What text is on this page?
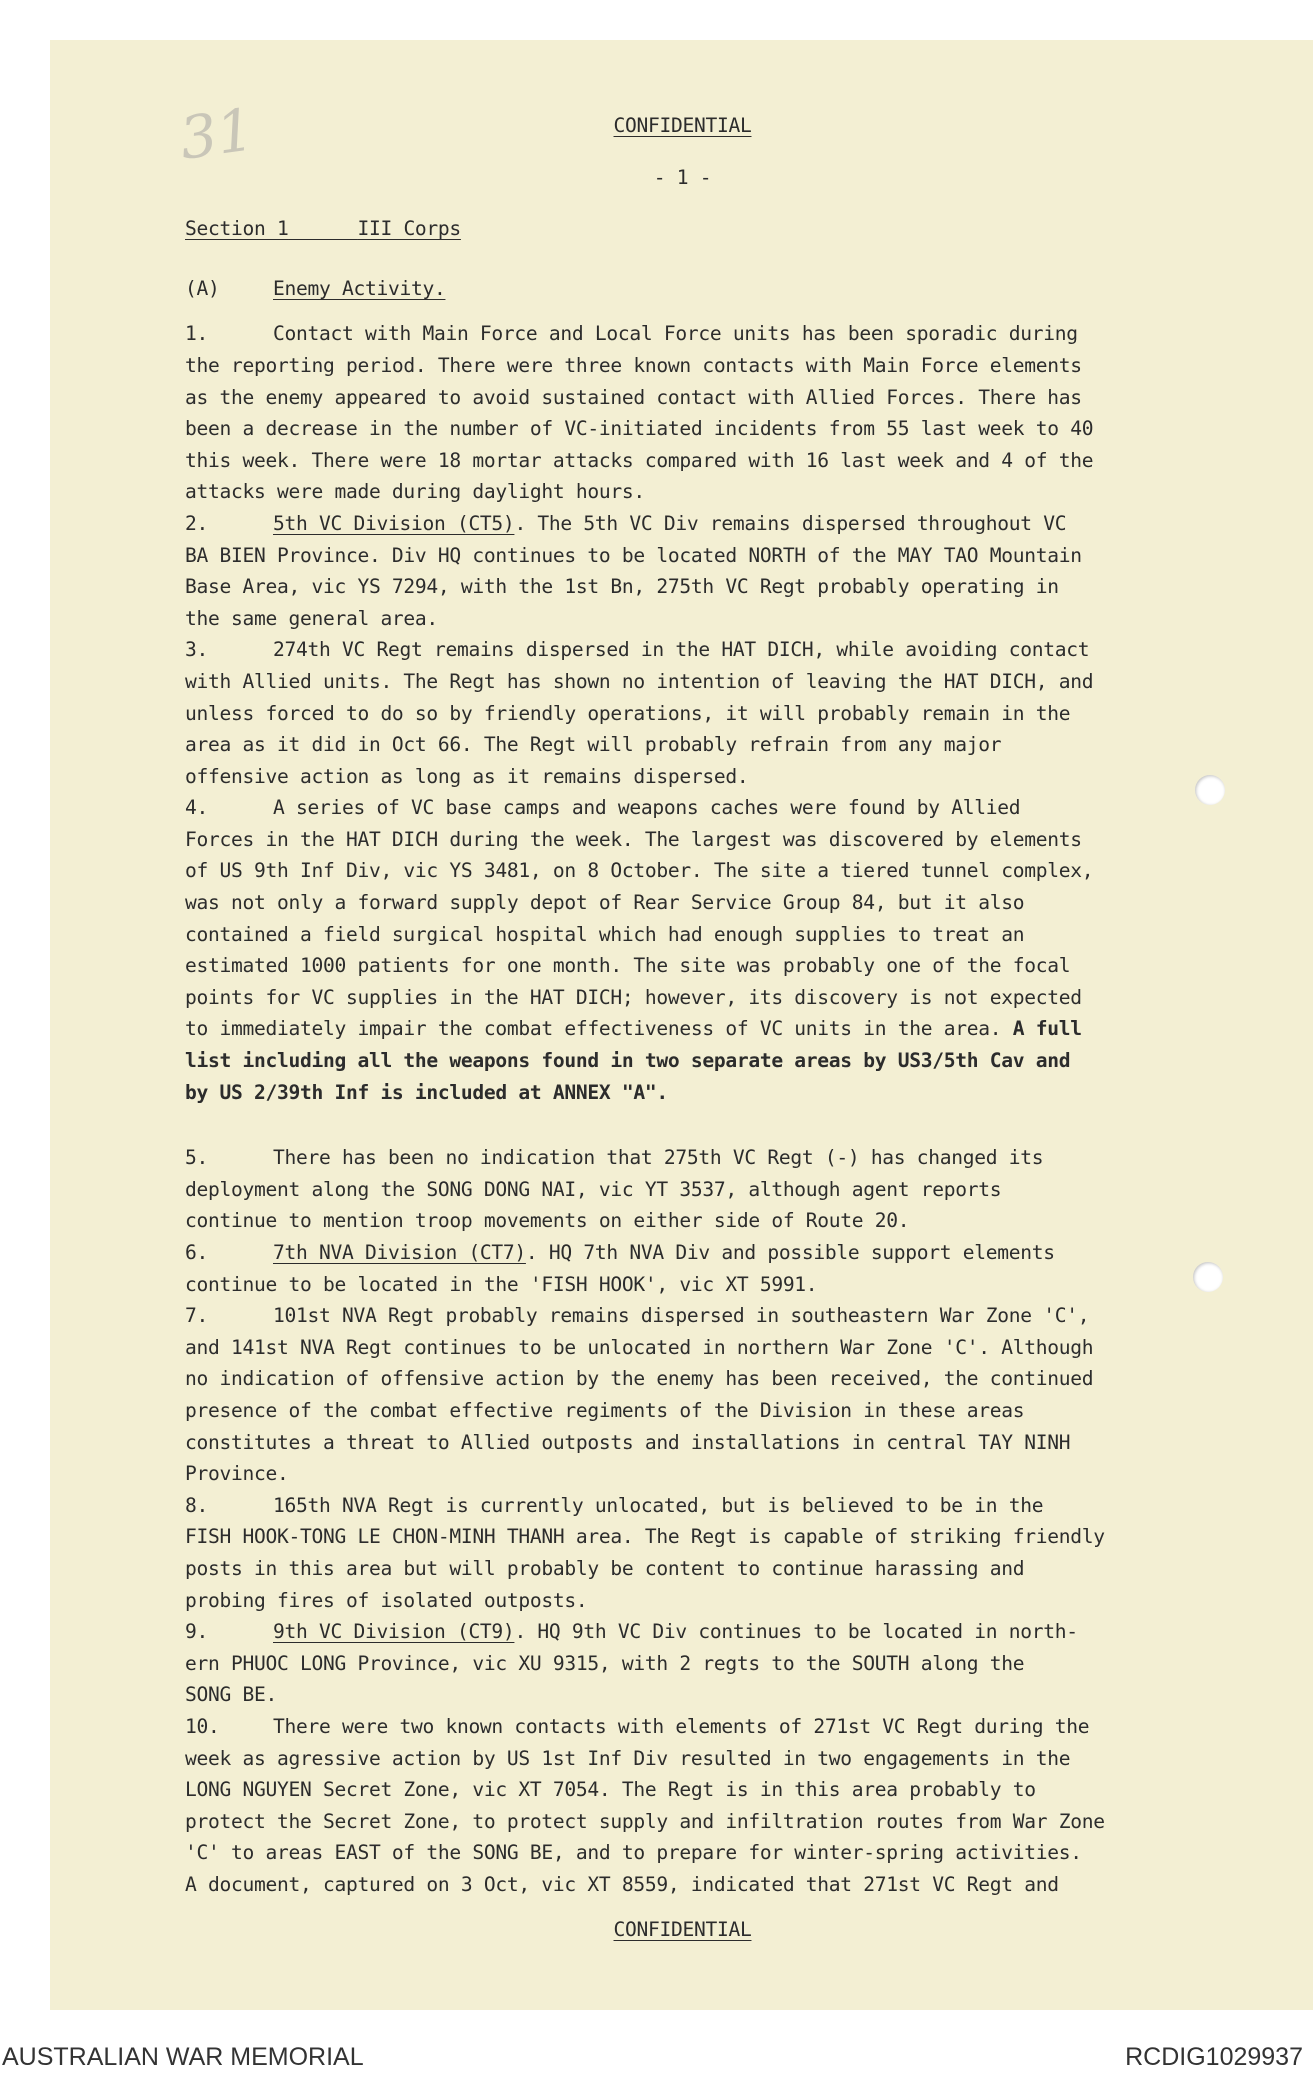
31	CONFIDENTIAL
- 1 -
Section 1	III Corps
(A)	Enemy Activity.
1.	Contact with Main Force and Local Force units has been sporadic during
the reporting period. There were three known contacts with Main Force elements
as the enemy appeared to avoid sustained contact with Allied Forces. There has
been a decrease in the number of VC-initiated incidents from 55 last week to 40
this week. There were 18 mortar attacks compared with 16 last week and 4 of the
attacks were made during daylight hours.
2.	5th VC Division (CT5). The 5th VC Div remains dispersed throughout VC
BA BIEN Province. Div HQ continues to be located NORTH of the MAY TAO Mountain
Base Area, vic YS 7294, with the 1st Bn, 275th VC Regt probably operating in
the same general area.
3.	274th VC Regt remains dispersed in the HAT DICH, while avoiding contact
with Allied units. The Regt has shown no intention of leaving the HAT DICH, and
unless forced to do so by friendly operations, it will probably remain in the
area as it did in Oct 66. The Regt will probably refrain from any major
offensive action as long as it remains dispersed.
4.	A series of VC base camps and weapons caches were found by Allied
Forces in the HAT DICH during the week. The largest was discovered by elements
of US 9th Inf Div, vic YS 3481, on 8 October. The site a tiered tunnel complex,
was not only a forward supply depot of Rear Service Group 84, but it also
contained a field surgical hospital which had enough supplies to treat an
estimated 1000 patients for one month. The site was probably one of the focal
points for VC supplies in the HAT DICH; however, its discovery is not expected
to immediately impair the combat effectiveness of VC units in the area. A full
list including all the weapons found in two separate areas by US3/5th Cav and
by US 2/39th Inf is included at ANNEX "A".
5.	There has been no indication that 275th VC Regt (-) has changed its
deployment along the SONG DONG NAI, vic YT 3537, although agent reports
continue to mention troop movements on either side of Route 20.
6.	7th NVA Division (CT7). HQ 7th NVA Div and possible support elements
continue to be located in the 'FISH HOOK', vic XT 5991.
7.	101st NVA Regt probably remains dispersed in southeastern War Zone 'C',
and 141st NVA Regt continues to be unlocated in northern War Zone 'C'. Although
no indication of offensive action by the enemy has been received, the continued
presence of the combat effective regiments of the Division in these areas
constitutes a threat to Allied outposts and installations in central TAY NINH
Province.
8.	165th NVA Regt is currently unlocated, but is believed to be in the
FISH HOOK-TONG LE CHON-MINH THANH area. The Regt is capable of striking friendly
posts in this area but will probably be content to continue harassing and
probing fires of isolated outposts.
9.	9th VC Division (CT9). HQ 9th VC Div continues to be located in north-
ern PHUOC LONG Province, vic XU 9315, with 2 regts to the SOUTH along the
SONG BE.
10.	There were two known contacts with elements of 271st VC Regt during the
week as agressive action by US 1st Inf Div resulted in two engagements in the
LONG NGUYEN Secret Zone, vic XT 7054. The Regt is in this area probably to
protect the Secret Zone, to protect supply and infiltration routes from War Zone
'C' to areas EAST of the SONG BE, and to prepare for winter-spring activities.
A document, captured on 3 Oct, vic XT 8559, indicated that 271st VC Regt and
CONFIDENTIAL
AUSTRALIAN WAR MEMORIAL	RCDIG1029937
